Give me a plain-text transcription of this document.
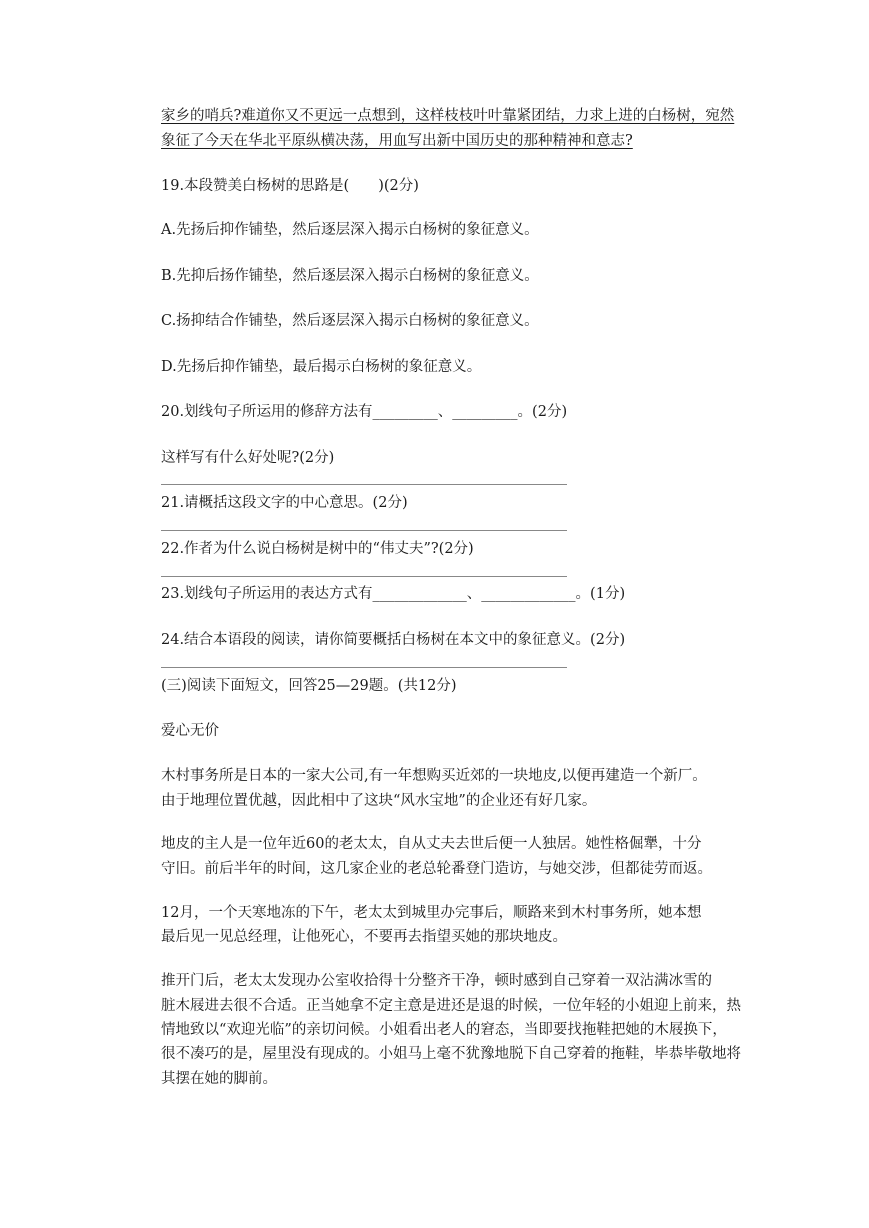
家乡的哨兵?难道你又不更远一点想到，这样枝枝叶叶靠紧团结，力求上进的白杨树，宛然
象征了今天在华北平原纵横决荡，用血写出新中国历史的那种精神和意志?
19.本段赞美白杨树的思路是(　　)(2分)
A.先扬后抑作铺垫，然后逐层深入揭示白杨树的象征意义。
B.先抑后扬作铺垫，然后逐层深入揭示白杨树的象征意义。
C.扬抑结合作铺垫，然后逐层深入揭示白杨树的象征意义。
D.先扬后抑作铺垫，最后揭示白杨树的象征意义。
20.划线句子所运用的修辞方法有_________、_________。(2分)
这样写有什么好处呢?(2分)
21.请概括这段文字的中心意思。(2分)
22.作者为什么说白杨树是树中的“伟丈夫”?(2分)
23.划线句子所运用的表达方式有_____________、_____________。(1分)
24.结合本语段的阅读，请你简要概括白杨树在本文中的象征意义。(2分)
(三)阅读下面短文，回答25—29题。(共12分)
爱心无价
木村事务所是日本的一家大公司,有一年想购买近郊的一块地皮,以便再建造一个新厂。
由于地理位置优越，因此相中了这块“风水宝地”的企业还有好几家。
地皮的主人是一位年近60的老太太，自从丈夫去世后便一人独居。她性格倔犟，十分
守旧。前后半年的时间，这几家企业的老总轮番登门造访，与她交涉，但都徒劳而返。
12月，一个天寒地冻的下午，老太太到城里办完事后，顺路来到木村事务所，她本想
最后见一见总经理，让他死心，不要再去指望买她的那块地皮。
推开门后，老太太发现办公室收拾得十分整齐干净，顿时感到自己穿着一双沾满冰雪的
脏木屐进去很不合适。正当她拿不定主意是进还是退的时候，一位年轻的小姐迎上前来，热
情地致以“欢迎光临”的亲切问候。小姐看出老人的窘态，当即要找拖鞋把她的木屐换下，
很不凑巧的是，屋里没有现成的。小姐马上毫不犹豫地脱下自己穿着的拖鞋，毕恭毕敬地将
其摆在她的脚前。
